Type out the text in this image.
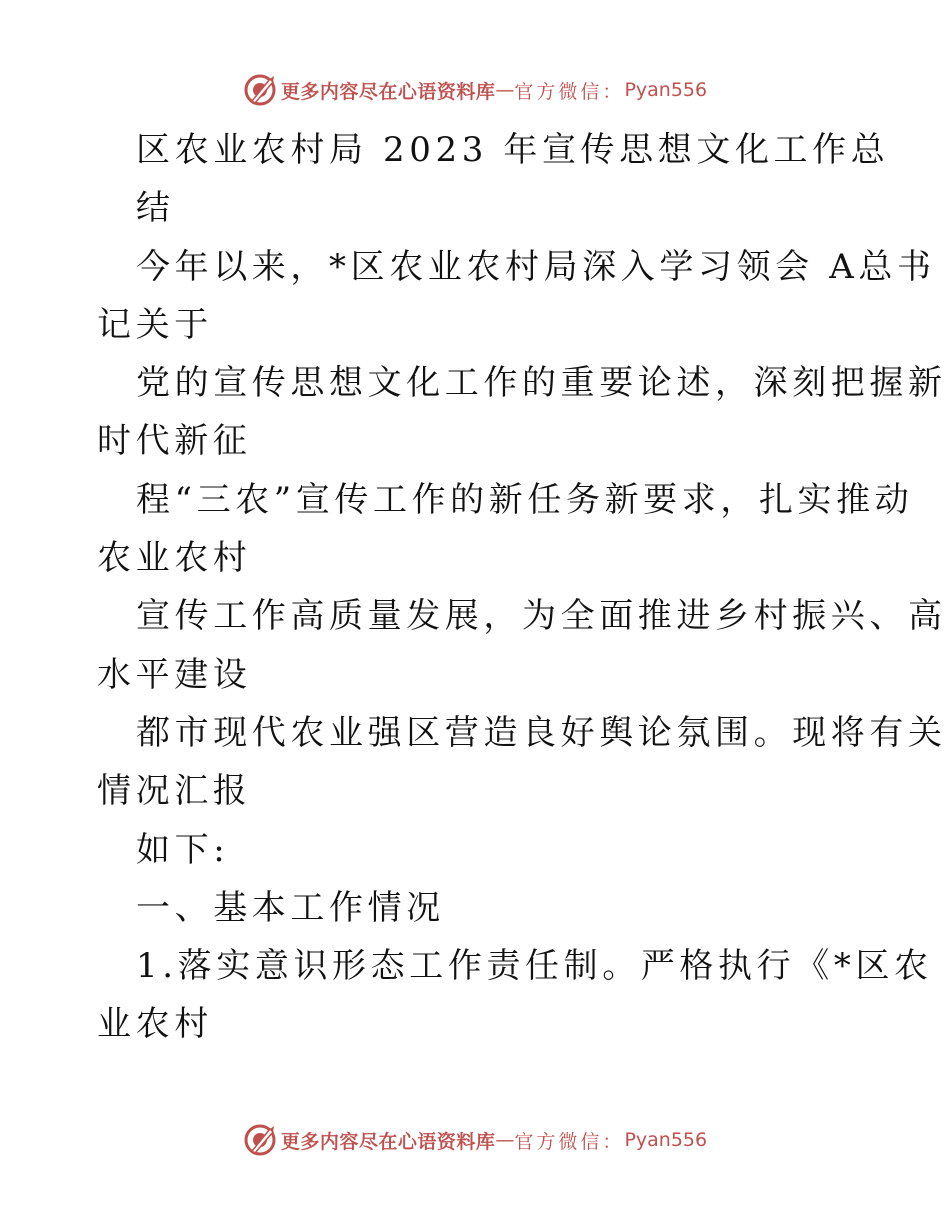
更多内容尽在心语资料库 — 官方微信： Pyan556
区农业农村局 2023 年宣传思想文化工作总
结
今年以来，*区农业农村局深入学习领会 A总书
记关于
党的宣传思想文化工作的重要论述，深刻把握新
时代新征
程“三农”宣传工作的新任务新要求，扎实推动
农业农村
宣传工作高质量发展，为全面推进乡村振兴、高
水平建设
都市现代农业强区营造良好舆论氛围。现将有关
情况汇报
如下:
一、基本工作情况
1.落实意识形态工作责任制。严格执行《*区农
业农村
更多内容尽在心语资料库 — 官方微信： Pyan556
